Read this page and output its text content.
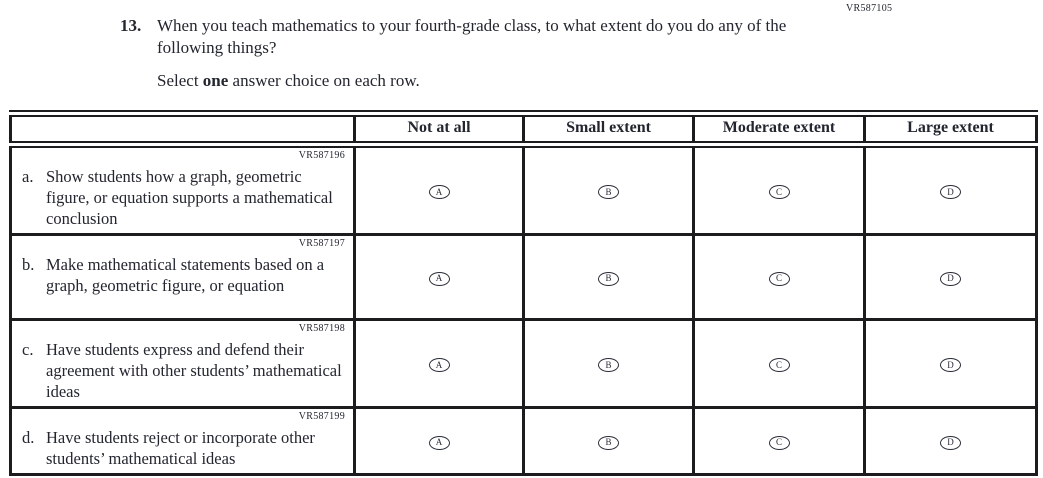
VR587105
13. When you teach mathematics to your fourth-grade class, to what extent do you do any of the following things?
Select one answer choice on each row.
	Not at all	Small extent	Moderate extent	Large extent

VR587196
a. Show students how a graph, geometric figure, or equation supports a mathematical conclusion	A	B	C	D

VR587197
b. Make mathematical statements based on a graph, geometric figure, or equation	A	B	C	D

VR587198
c. Have students express and defend their agreement with other students’ mathematical ideas	A	B	C	D

VR587199
d. Have students reject or incorporate other students’ mathematical ideas	A	B	C	D
